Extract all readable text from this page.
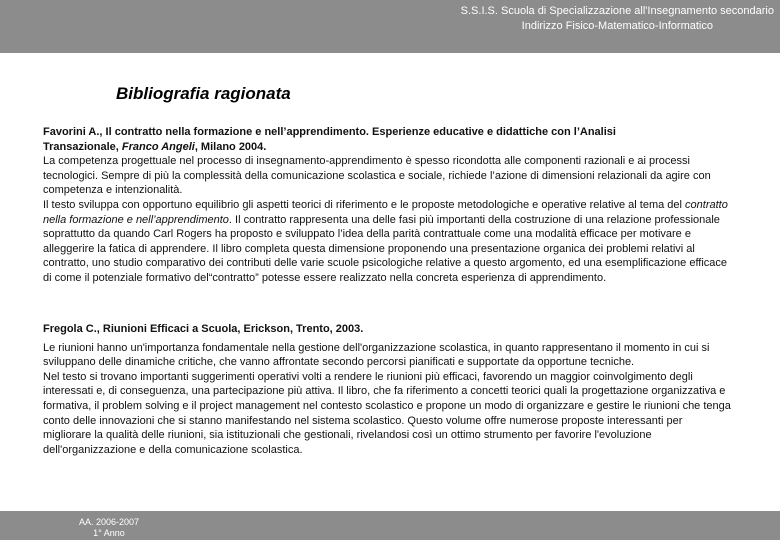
S.S.I.S. Scuola di Specializzazione all'Insegnamento secondario
Indirizzo Fisico-Matematico-Informatico
Bibliografia ragionata

Favorini A., Il contratto nella formazione e nell’apprendimento. Esperienze educative e didattiche con l’Analisi
Transazionale, Franco Angeli, Milano 2004.

La competenza progettuale nel processo di insegnamento-apprendimento è spesso ricondotta alle componenti razionali e ai processi tecnologici. Sempre di più la complessità della comunicazione scolastica e sociale, richiede l’azione di dimensioni relazionali da agire con competenza e intenzionalità.

Il testo sviluppa con opportuno equilibrio gli aspetti teorici di riferimento e le proposte metodologiche e operative relative al tema del contratto nella formazione e nell’apprendimento. Il contratto rappresenta una delle fasi più importanti della costruzione di una relazione professionale soprattutto da quando Carl Rogers ha proposto e sviluppato l’idea della parità contrattuale come una modalità efficace per motivare e alleggerire la fatica di apprendere. Il libro completa questa dimensione proponendo una presentazione organica dei problemi relativi al contratto, uno studio comparativo dei contributi delle varie scuole psicologiche relative a questo argomento, ed una esemplificazione efficace di come il potenziale formativo del“contratto” potesse essere realizzato nella concreta esperienza di apprendimento.

Fregola C., Riunioni Efficaci a Scuola, Erickson, Trento, 2003.

Le riunioni hanno un'importanza fondamentale nella gestione dell'organizzazione scolastica, in quanto rappresentano il momento in cui si sviluppano delle dinamiche critiche, che vanno affrontate secondo percorsi pianificati e supportate da opportune tecniche.

Nel testo si trovano importanti suggerimenti operativi volti a rendere le riunioni più efficaci, favorendo un maggior coinvolgimento degli interessati e, di conseguenza, una partecipazione più attiva. Il libro, che fa riferimento a concetti teorici quali la progettazione organizzativa e formativa, il problem solving e il project management nel contesto scolastico e propone un modo di organizzare e gestire le riunioni che tenga conto delle innovazioni che si stanno manifestando nel sistema scolastico. Questo volume offre numerose proposte interessanti per migliorare la qualità delle riunioni, sia istituzionali che gestionali, rivelandosi così un ottimo strumento per favorire l'evoluzione dell'organizzazione e della comunicazione scolastica.

AA. 2006-2007
1° Anno
